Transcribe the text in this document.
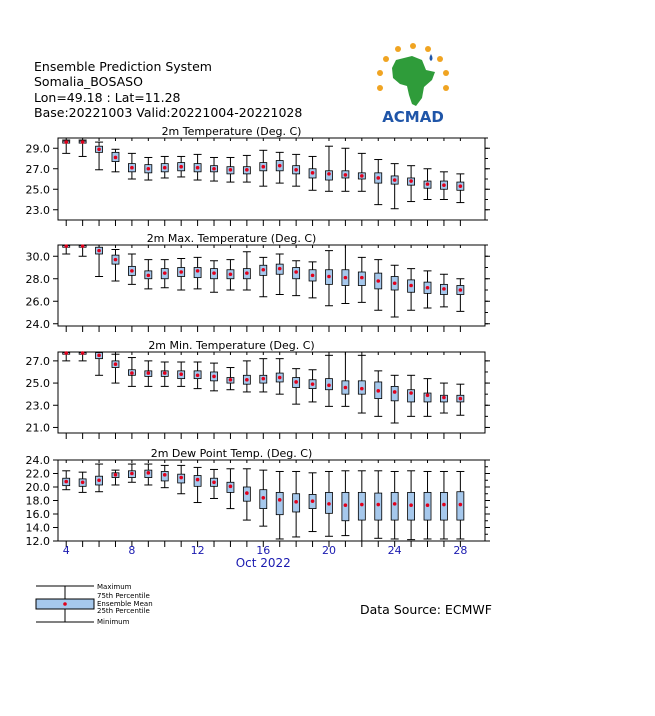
Ensemble Prediction System
Somalia_BOSASO
Lon=49.18 : Lat=11.28
Base:20221003 Valid:20221004-20221028	ACMAD
2m Temperature (Deg. C)
29.0
27.0
25.0
23.0
2m Max. Temperature (Deg. C)
30.0
28.0
26.0
24.0
2m Min. Temperature (Deg. C)
27.0
25.0
23.0
21.0
2m Dew Point Temp. (Deg. C)
24.0
22.0
20.0
18.0
16.0
14.0
12.0
4	8	12	16	20	24	28
Oct 2022
Maximum
75th Percentile
Ensemble Mean
25th Percentile
Minimum
Data Source: ECMWF
